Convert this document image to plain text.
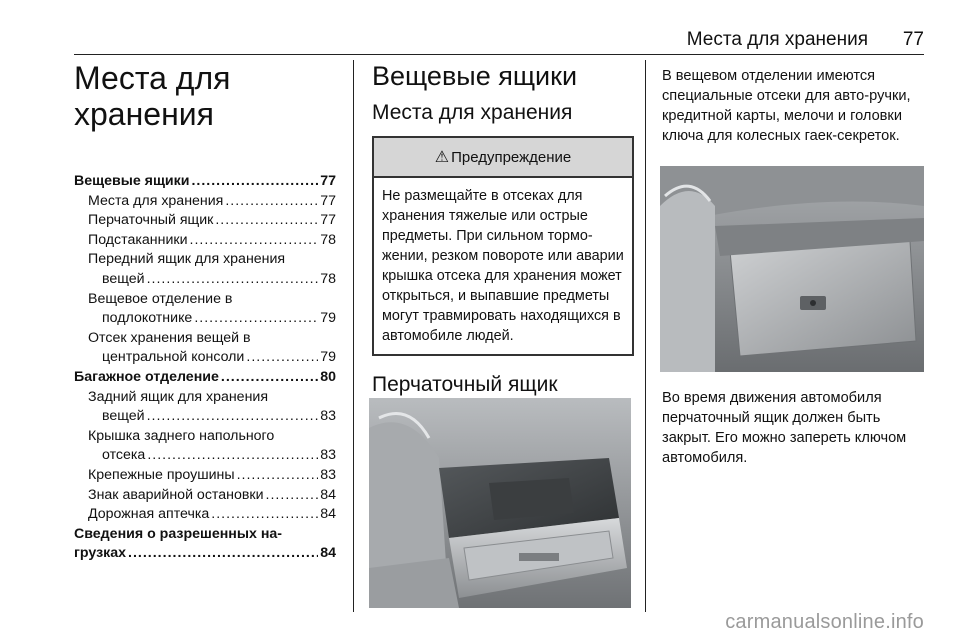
Места для хранения 77
Места для
хранения
Вещевые ящики .....	77
Места для хранения .....	77
Перчаточный ящик .....	77
Подстаканники .....	78
Передний ящик для хранения
вещей .....	78
Вещевое отделение в
подлокотнике .....	79
Отсек хранения вещей в
центральной консоли .....	79
Багажное отделение .....	80
Задний ящик для хранения
вещей .....	83
Крышка заднего напольного
отсека .....	83
Крепежные проушины .....	83
Знак аварийной остановки .....	84
Дорожная аптечка .....	84
Сведения о разрешенных на-
грузках .....	84
Вещевые ящики
Места для хранения
⚠ Предупреждение
Не размещайте в отсеках для хранения тяжелые или острые предметы. При сильном тормо-жении, резком повороте или аварии крышка отсека для хранения может открыться, и выпавшие предметы могут травмировать находящихся в автомобиле людей.
Перчаточный ящик
В вещевом отделении имеются специальные отсеки для авто-ручки, кредитной карты, мелочи и головки ключа для колесных гаек-секреток.
Во время движения автомобиля перчаточный ящик должен быть закрыт. Его можно запереть ключом автомобиля.
carmanualsonline.info
